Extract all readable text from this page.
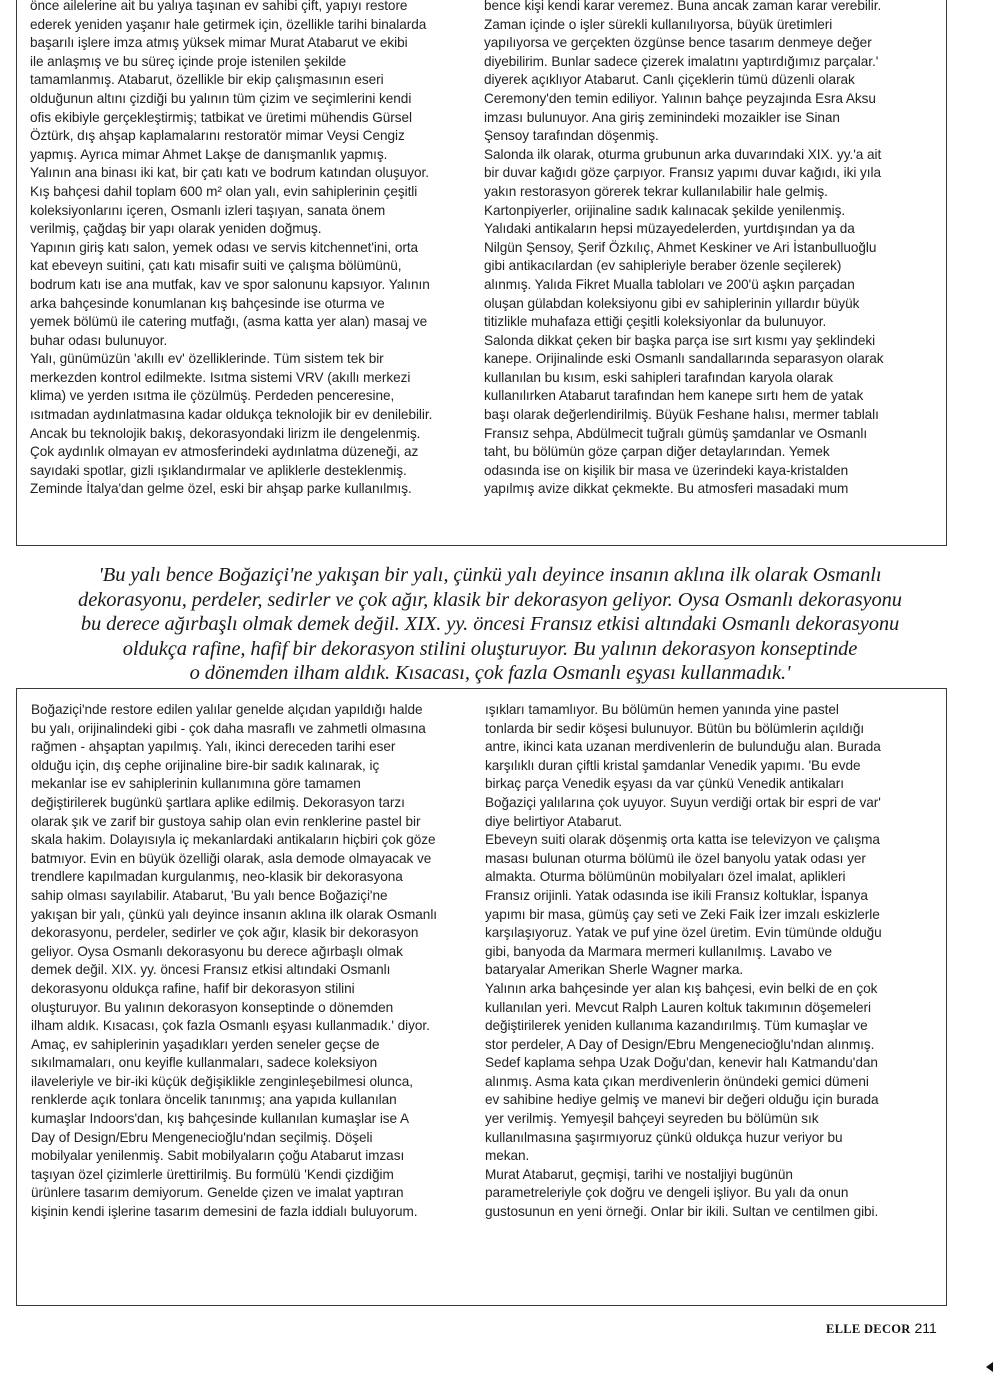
önce ailelerine ait bu yalıya taşınan ev sahibi çift, yapıyı restore
ederek yeniden yaşanır hale getirmek için, özellikle tarihi binalarda
başarılı işlere imza atmış yüksek mimar Murat Atabarut ve ekibi
ile anlaşmış ve bu süreç içinde proje istenilen şekilde
tamamlanmış. Atabarut, özellikle bir ekip çalışmasının eseri
olduğunun altını çizdiği bu yalının tüm çizim ve seçimlerini kendi
ofis ekibiyle gerçekleştirmiş; tatbikat ve üretimi mühendis Gürsel
Öztürk, dış ahşap kaplamalarını restoratör mimar Veysi Cengiz
yapmış. Ayrıca mimar Ahmet Lakşe de danışmanlık yapmış.
Yalının ana binası iki kat, bir çatı katı ve bodrum katından oluşuyor.
Kış bahçesi dahil toplam 600 m² olan yalı, evin sahiplerinin çeşitli
koleksiyonlarını içeren, Osmanlı izleri taşıyan, sanata önem
verilmiş, çağdaş bir yapı olarak yeniden doğmuş.
Yapının giriş katı salon, yemek odası ve servis kitchennet'ini, orta
kat ebeveyn suitini, çatı katı misafir suiti ve çalışma bölümünü,
bodrum katı ise ana mutfak, kav ve spor salonunu kapsıyor. Yalının
arka bahçesinde konumlanan kış bahçesinde ise oturma ve
yemek bölümü ile catering mutfağı, (asma katta yer alan) masaj ve
buhar odası bulunuyor.
Yalı, günümüzün 'akıllı ev' özelliklerinde. Tüm sistem tek bir
merkezden kontrol edilmekte. Isıtma sistemi VRV (akıllı merkezi
klima) ve yerden ısıtma ile çözülmüş. Perdeden penceresine,
ısıtmadan aydınlatmasına kadar oldukça teknolojik bir ev denilebilir.
Ancak bu teknolojik bakış, dekorasyondaki lirizm ile dengelenmiş.
Çok aydınlık olmayan ev atmosferindeki aydınlatma düzeneği, az
sayıdaki spotlar, gizli ışıklandırmalar ve apliklerle desteklenmiş.
Zeminde İtalya'dan gelme özel, eski bir ahşap parke kullanılmış.
bence kişi kendi karar veremez. Buna ancak zaman karar verebilir.
Zaman içinde o işler sürekli kullanılıyorsa, büyük üretimleri
yapılıyorsa ve gerçekten özgünse bence tasarım denmeye değer
diyebilirim. Bunlar sadece çizerek imalatını yaptırdığımız parçalar.'
diyerek açıklıyor Atabarut. Canlı çiçeklerin tümü düzenli olarak
Ceremony'den temin ediliyor. Yalının bahçe peyzajında Esra Aksu
imzası bulunuyor. Ana giriş zeminindeki mozaikler ise Sinan
Şensoy tarafından döşenmiş.
Salonda ilk olarak, oturma grubunun arka duvarındaki XIX. yy.'a ait
bir duvar kağıdı göze çarpıyor. Fransız yapımı duvar kağıdı, iki yıla
yakın restorasyon görerek tekrar kullanılabilir hale gelmiş.
Kartonpiyerler, orijinaline sadık kalınacak şekilde yenilenmiş.
Yalıdaki antikaların hepsi müzayedelerden, yurtdışından ya da
Nilgün Şensoy, Şerif Özkılıç, Ahmet Keskiner ve Ari İstanbulluoğlu
gibi antikacılardan (ev sahipleriyle beraber özenle seçilerek)
alınmış. Yalıda Fikret Mualla tabloları ve 200'ü aşkın parçadan
oluşan gülabdan koleksiyonu gibi ev sahiplerinin yıllardır büyük
titizlikle muhafaza ettiği çeşitli koleksiyonlar da bulunuyor.
Salonda dikkat çeken bir başka parça ise sırt kısmı yay şeklindeki
kanepe. Orijinalinde eski Osmanlı sandallarında separasyon olarak
kullanılan bu kısım, eski sahipleri tarafından karyola olarak
kullanılırken Atabarut tarafından hem kanepe sırtı hem de yatak
başı olarak değerlendirilmiş. Büyük Feshane halısı, mermer tablalı
Fransız sehpa, Abdülmecit tuğralı gümüş şamdanlar ve Osmanlı
taht, bu bölümün göze çarpan diğer detaylarından. Yemek
odasında ise on kişilik bir masa ve üzerindeki kaya-kristalden
yapılmış avize dikkat çekmekte. Bu atmosferi masadaki mum
'Bu yalı bence Boğaziçi'ne yakışan bir yalı, çünkü yalı deyince insanın aklına ilk olarak Osmanlı
dekorasyonu, perdeler, sedirler ve çok ağır, klasik bir dekorasyon geliyor. Oysa Osmanlı dekorasyonu
bu derece ağırbaşlı olmak demek değil. XIX. yy. öncesi Fransız etkisi altındaki Osmanlı dekorasyonu
oldukça rafine, hafif bir dekorasyon stilini oluşturuyor. Bu yalının dekorasyon konseptinde
o dönemden ilham aldık. Kısacası, çok fazla Osmanlı eşyası kullanmadık.'
Boğaziçi'nde restore edilen yalılar genelde alçıdan yapıldığı halde
bu yalı, orijinalindeki gibi - çok daha masraflı ve zahmetli olmasına
rağmen - ahşaptan yapılmış. Yalı, ikinci dereceden tarihi eser
olduğu için, dış cephe orijinaline bire-bir sadık kalınarak, iç
mekanlar ise ev sahiplerinin kullanımına göre tamamen
değiştirilerek bugünkü şartlara aplike edilmiş. Dekorasyon tarzı
olarak şık ve zarif bir gustoya sahip olan evin renklerine pastel bir
skala hakim. Dolayısıyla iç mekanlardaki antikaların hiçbiri çok göze
batmıyor. Evin en büyük özelliği olarak, asla demode olmayacak ve
trendlere kapılmadan kurgulanmış, neo-klasik bir dekorasyona
sahip olması sayılabilir. Atabarut, 'Bu yalı bence Boğaziçi'ne
yakışan bir yalı, çünkü yalı deyince insanın aklına ilk olarak Osmanlı
dekorasyonu, perdeler, sedirler ve çok ağır, klasik bir dekorasyon
geliyor. Oysa Osmanlı dekorasyonu bu derece ağırbaşlı olmak
demek değil. XIX. yy. öncesi Fransız etkisi altındaki Osmanlı
dekorasyonu oldukça rafine, hafif bir dekorasyon stilini
oluşturuyor. Bu yalının dekorasyon konseptinde o dönemden
ilham aldık. Kısacası, çok fazla Osmanlı eşyası kullanmadık.' diyor.
Amaç, ev sahiplerinin yaşadıkları yerden seneler geçse de
sıkılmamaları, onu keyifle kullanmaları, sadece koleksiyon
ilaveleriyle ve bir-iki küçük değişiklikle zenginleşebilmesi olunca,
renklerde açık tonlara öncelik tanınmış; ana yapıda kullanılan
kumaşlar Indoors'dan, kış bahçesinde kullanılan kumaşlar ise A
Day of Design/Ebru Mengenecioğlu'ndan seçilmiş. Döşeli
mobilyalar yenilenmiş. Sabit mobilyaların çoğu Atabarut imzası
taşıyan özel çizimlerle ürettirilmiş. Bu formülü 'Kendi çizdiğim
ürünlere tasarım demiyorum. Genelde çizen ve imalat yaptıran
kişinin kendi işlerine tasarım demesini de fazla iddialı buluyorum.
ışıkları tamamlıyor. Bu bölümün hemen yanında yine pastel
tonlarda bir sedir köşesi bulunuyor. Bütün bu bölümlerin açıldığı
antre, ikinci kata uzanan merdivenlerin de bulunduğu alan. Burada
karşılıklı duran çiftli kristal şamdanlar Venedik yapımı. 'Bu evde
birkaç parça Venedik eşyası da var çünkü Venedik antikaları
Boğaziçi yalılarına çok uyuyor. Suyun verdiği ortak bir espri de var'
diye belirtiyor Atabarut.
Ebeveyn suiti olarak döşenmiş orta katta ise televizyon ve çalışma
masası bulunan oturma bölümü ile özel banyolu yatak odası yer
almakta. Oturma bölümünün mobilyaları özel imalat, aplikleri
Fransız orijinli. Yatak odasında ise ikili Fransız koltuklar, İspanya
yapımı bir masa, gümüş çay seti ve Zeki Faik İzer imzalı eskizlerle
karşılaşıyoruz. Yatak ve puf yine özel üretim. Evin tümünde olduğu
gibi, banyoda da Marmara mermeri kullanılmış. Lavabo ve
bataryalar Amerikan Sherle Wagner marka.
Yalının arka bahçesinde yer alan kış bahçesi, evin belki de en çok
kullanılan yeri. Mevcut Ralph Lauren koltuk takımının döşemeleri
değiştirilerek yeniden kullanıma kazandırılmış. Tüm kumaşlar ve
stor perdeler, A Day of Design/Ebru Mengenecioğlu'ndan alınmış.
Sedef kaplama sehpa Uzak Doğu'dan, kenevir halı Katmandu'dan
alınmış. Asma kata çıkan merdivenlerin önündeki gemici dümeni
ev sahibine hediye gelmiş ve manevi bir değeri olduğu için burada
yer verilmiş. Yemyeşil bahçeyi seyreden bu bölümün sık
kullanılmasına şaşırmıyoruz çünkü oldukça huzur veriyor bu
mekan.
Murat Atabarut, geçmişi, tarihi ve nostaljiyi bugünün
parametreleriyle çok doğru ve dengeli işliyor. Bu yalı da onun
gustosunun en yeni örneği. Onlar bir ikili. Sultan ve centilmen gibi.
ELLE DECOR 211
